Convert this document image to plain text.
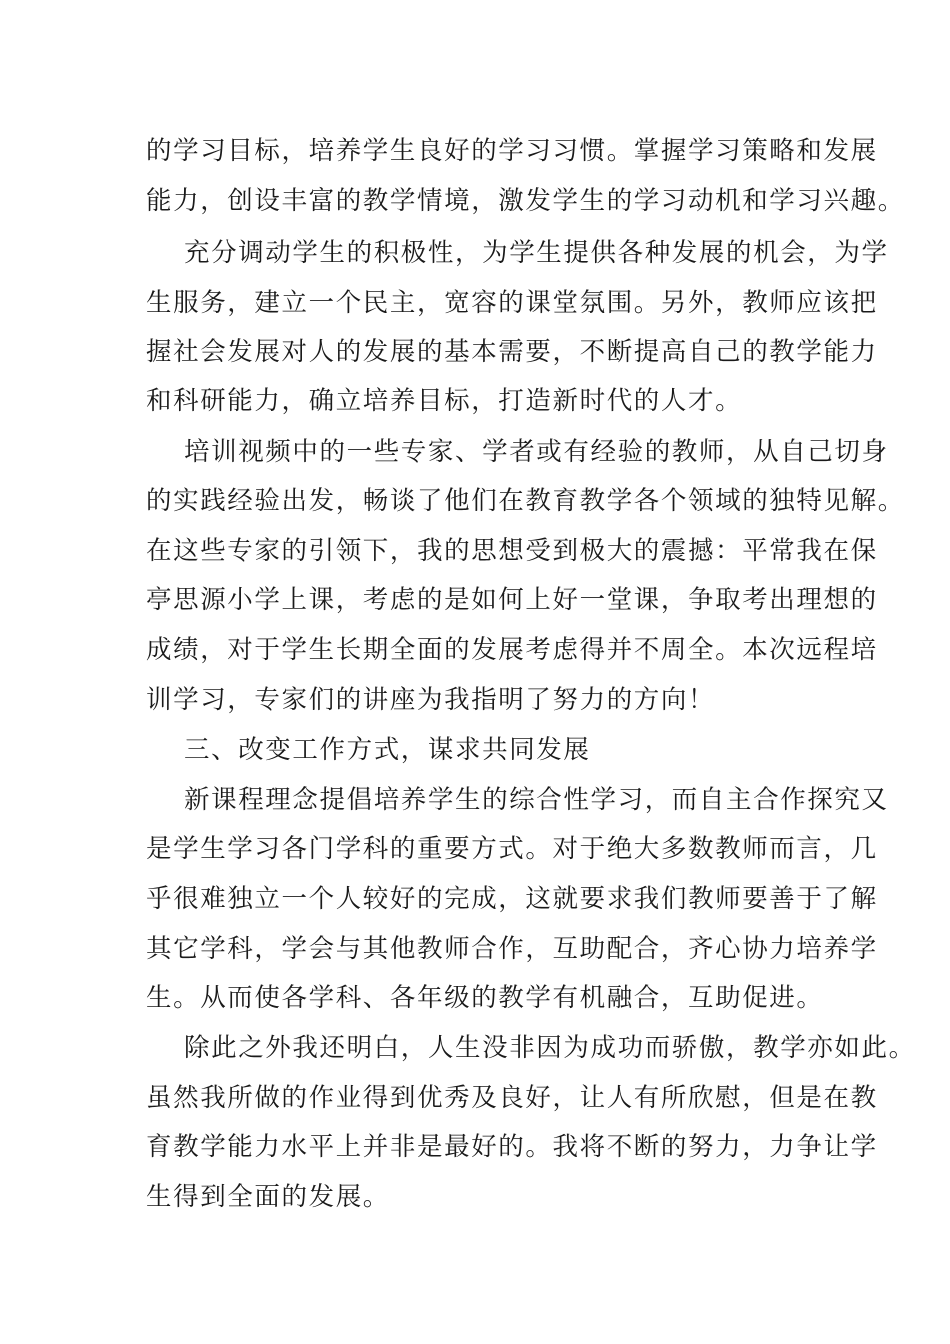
的学习目标，培养学生良好的学习习惯。掌握学习策略和发展
能力，创设丰富的教学情境，激发学生的学习动机和学习兴趣。
充分调动学生的积极性，为学生提供各种发展的机会，为学
生服务，建立一个民主，宽容的课堂氛围。另外，教师应该把
握社会发展对人的发展的基本需要，不断提高自己的教学能力
和科研能力，确立培养目标，打造新时代的人才。
培训视频中的一些专家、学者或有经验的教师，从自己切身
的实践经验出发，畅谈了他们在教育教学各个领域的独特见解。
在这些专家的引领下，我的思想受到极大的震撼：平常我在保
亭思源小学上课，考虑的是如何上好一堂课，争取考出理想的
成绩，对于学生长期全面的发展考虑得并不周全。本次远程培
训学习，专家们的讲座为我指明了努力的方向！
三、改变工作方式，谋求共同发展
新课程理念提倡培养学生的综合性学习，而自主合作探究又
是学生学习各门学科的重要方式。对于绝大多数教师而言，几
乎很难独立一个人较好的完成，这就要求我们教师要善于了解
其它学科，学会与其他教师合作，互助配合，齐心协力培养学
生。从而使各学科、各年级的教学有机融合，互助促进。
除此之外我还明白，人生没非因为成功而骄傲，教学亦如此。
虽然我所做的作业得到优秀及良好，让人有所欣慰，但是在教
育教学能力水平上并非是最好的。我将不断的努力，力争让学
生得到全面的发展。
